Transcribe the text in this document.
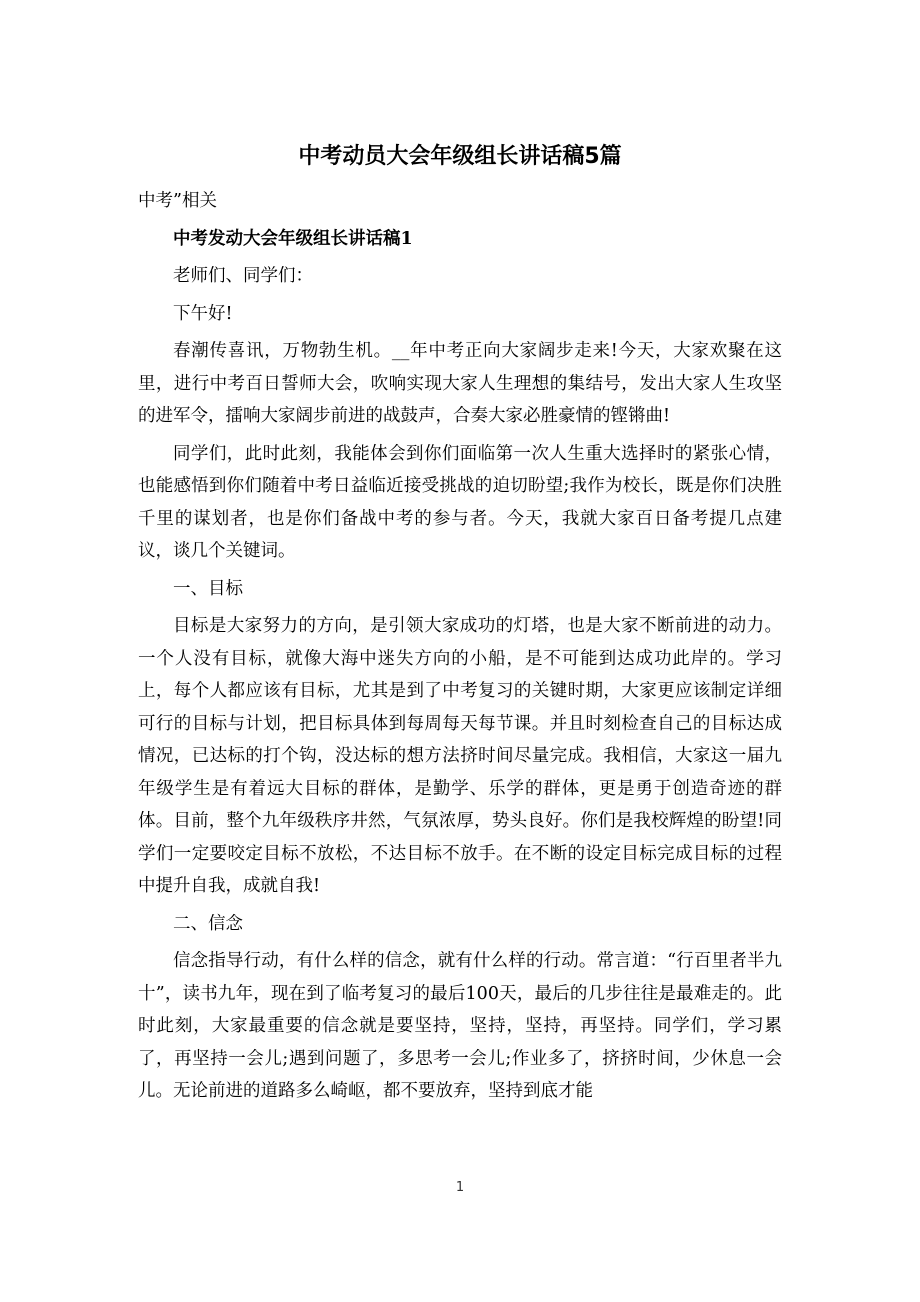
中考动员大会年级组长讲话稿5篇

中考”相关

中考发动大会年级组长讲话稿1

老师们、同学们：

下午好!

春潮传喜讯，万物勃生机。__年中考正向大家阔步走来!今天，大家欢聚在这里，进行中考百日誓师大会，吹响实现大家人生理想的集结号，发出大家人生攻坚的进军令，擂响大家阔步前进的战鼓声，合奏大家必胜豪情的铿锵曲!

同学们，此时此刻，我能体会到你们面临第一次人生重大选择时的紧张心情，也能感悟到你们随着中考日益临近接受挑战的迫切盼望;我作为校长，既是你们决胜千里的谋划者，也是你们备战中考的参与者。今天，我就大家百日备考提几点建议，谈几个关键词。

一、目标

目标是大家努力的方向，是引领大家成功的灯塔，也是大家不断前进的动力。一个人没有目标，就像大海中迷失方向的小船，是不可能到达成功此岸的。学习上，每个人都应该有目标，尤其是到了中考复习的关键时期，大家更应该制定详细可行的目标与计划，把目标具体到每周每天每节课。并且时刻检查自己的目标达成情况，已达标的打个钩，没达标的想方法挤时间尽量完成。我相信，大家这一届九年级学生是有着远大目标的群体，是勤学、乐学的群体，更是勇于创造奇迹的群体。目前，整个九年级秩序井然，气氛浓厚，势头良好。你们是我校辉煌的盼望!同学们一定要咬定目标不放松，不达目标不放手。在不断的设定目标完成目标的过程中提升自我，成就自我!

二、信念

信念指导行动，有什么样的信念，就有什么样的行动。常言道：“行百里者半九十”，读书九年，现在到了临考复习的最后100天，最后的几步往往是最难走的。此时此刻，大家最重要的信念就是要坚持，坚持，坚持，再坚持。同学们，学习累了，再坚持一会儿;遇到问题了，多思考一会儿;作业多了，挤挤时间，少休息一会儿。无论前进的道路多么崎岖，都不要放弃，坚持到底才能

1
